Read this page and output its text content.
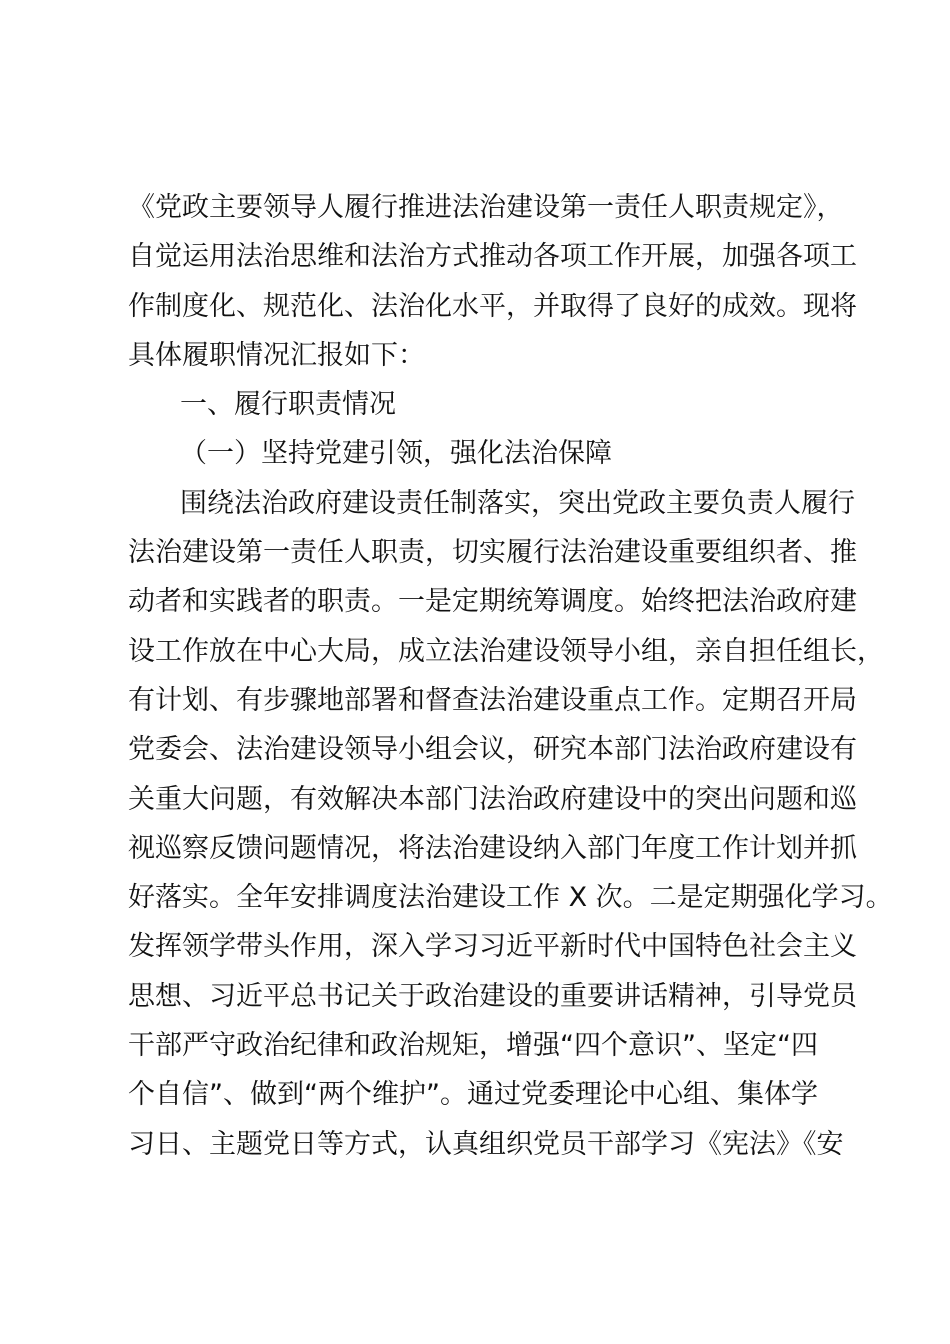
《党政主要领导人履行推进法治建设第一责任人职责规定》，
自觉运用法治思维和法治方式推动各项工作开展，加强各项工
作制度化、规范化、法治化水平，并取得了良好的成效。现将
具体履职情况汇报如下：
一、履行职责情况
（一）坚持党建引领，强化法治保障
围绕法治政府建设责任制落实，突出党政主要负责人履行
法治建设第一责任人职责，切实履行法治建设重要组织者、推
动者和实践者的职责。一是定期统筹调度。始终把法治政府建
设工作放在中心大局，成立法治建设领导小组，亲自担任组长，
有计划、有步骤地部署和督查法治建设重点工作。定期召开局
党委会、法治建设领导小组会议，研究本部门法治政府建设有
关重大问题，有效解决本部门法治政府建设中的突出问题和巡
视巡察反馈问题情况，将法治建设纳入部门年度工作计划并抓
好落实。全年安排调度法治建设工作 X 次。二是定期强化学习。
发挥领学带头作用，深入学习习近平新时代中国特色社会主义
思想、习近平总书记关于政治建设的重要讲话精神，引导党员
干部严守政治纪律和政治规矩，增强“四个意识”、坚定“四
个自信”、做到“两个维护”。通过党委理论中心组、集体学
习日、主题党日等方式，认真组织党员干部学习《宪法》《安
